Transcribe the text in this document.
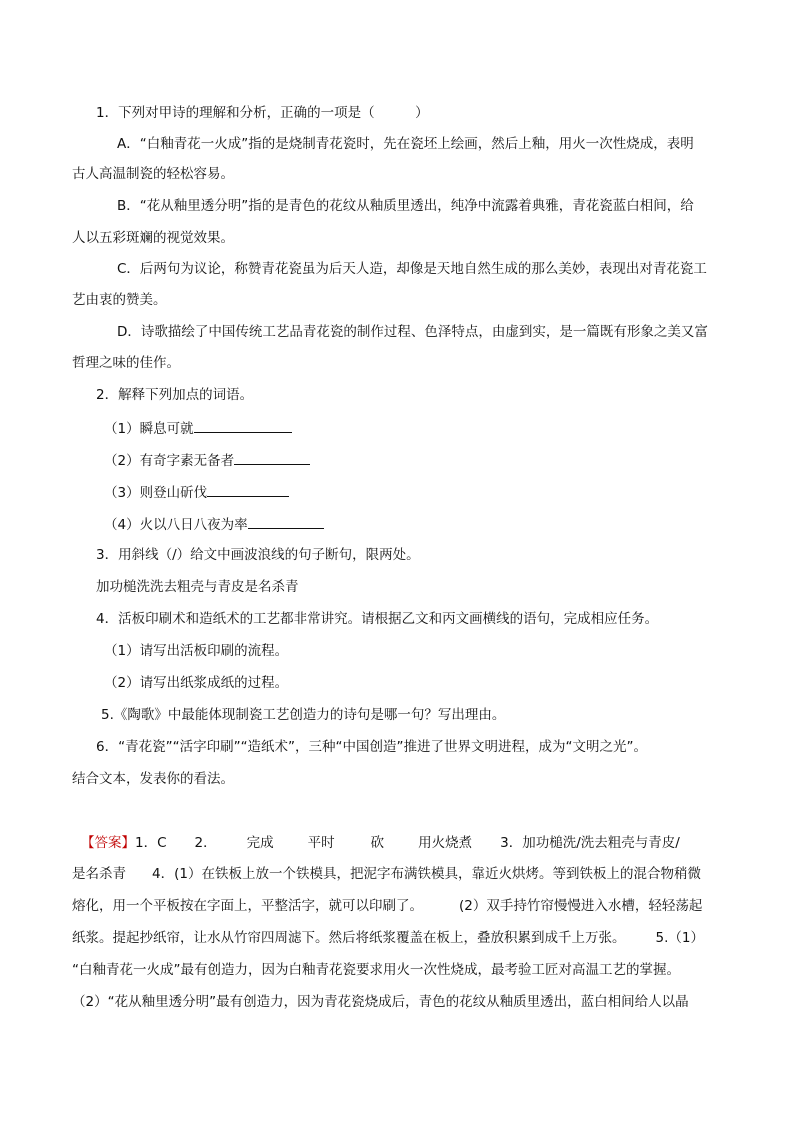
1．下列对甲诗的理解和分析，正确的一项是（　　　）
A．“白釉青花一火成”指的是烧制青花瓷时，先在瓷坯上绘画，然后上釉，用火一次性烧成，表明
古人高温制瓷的轻松容易。
B．“花从釉里透分明”指的是青色的花纹从釉质里透出，纯净中流露着典雅，青花瓷蓝白相间，给
人以五彩斑斓的视觉效果。
C．后两句为议论，称赞青花瓷虽为后天人造，却像是天地自然生成的那么美妙，表现出对青花瓷工
艺由衷的赞美。
D．诗歌描绘了中国传统工艺品青花瓷的制作过程、色泽特点，由虚到实，是一篇既有形象之美又富
哲理之味的佳作。
2．解释下列加点的词语。
（1）瞬息可就
（2）有奇字素无备者
（3）则登山斫伐
（4）火以八日八夜为率
3．用斜线（/）给文中画波浪线的句子断句，限两处。
加功槌洗洗去粗壳与青皮是名杀青
4．活板印刷术和造纸术的工艺都非常讲究。请根据乙文和丙文画横线的语句，完成相应任务。
（1）请写出活板印刷的流程。
（2）请写出纸浆成纸的过程。
5.《陶歌》中最能体现制瓷工艺创造力的诗句是哪一句？写出理由。
6．“青花瓷”“活字印刷”“造纸术”，三种“中国创造”推进了世界文明进程，成为“文明之光”。
结合文本，发表你的看法。
【答案】1．C 2． 完成	平时	砍	用火烧煮 3．加功槌洗/洗去粗壳与青皮/
是名杀青 4．(1）在铁板上放一个铁模具，把泥字布满铁模具，靠近火烘烤。等到铁板上的混合物稍微
熔化，用一个平板按在字面上，平整活字，就可以印刷了。	(2）双手持竹帘慢慢进入水槽，轻轻荡起
纸浆。提起抄纸帘，让水从竹帘四周滤下。然后将纸浆覆盖在板上，叠放积累到成千上万张。 5.（1）
“白釉青花一火成”最有创造力，因为白釉青花瓷要求用火一次性烧成，最考验工匠对高温工艺的掌握。
（2）“花从釉里透分明”最有创造力，因为青花瓷烧成后，青色的花纹从釉质里透出，蓝白相间给人以晶
